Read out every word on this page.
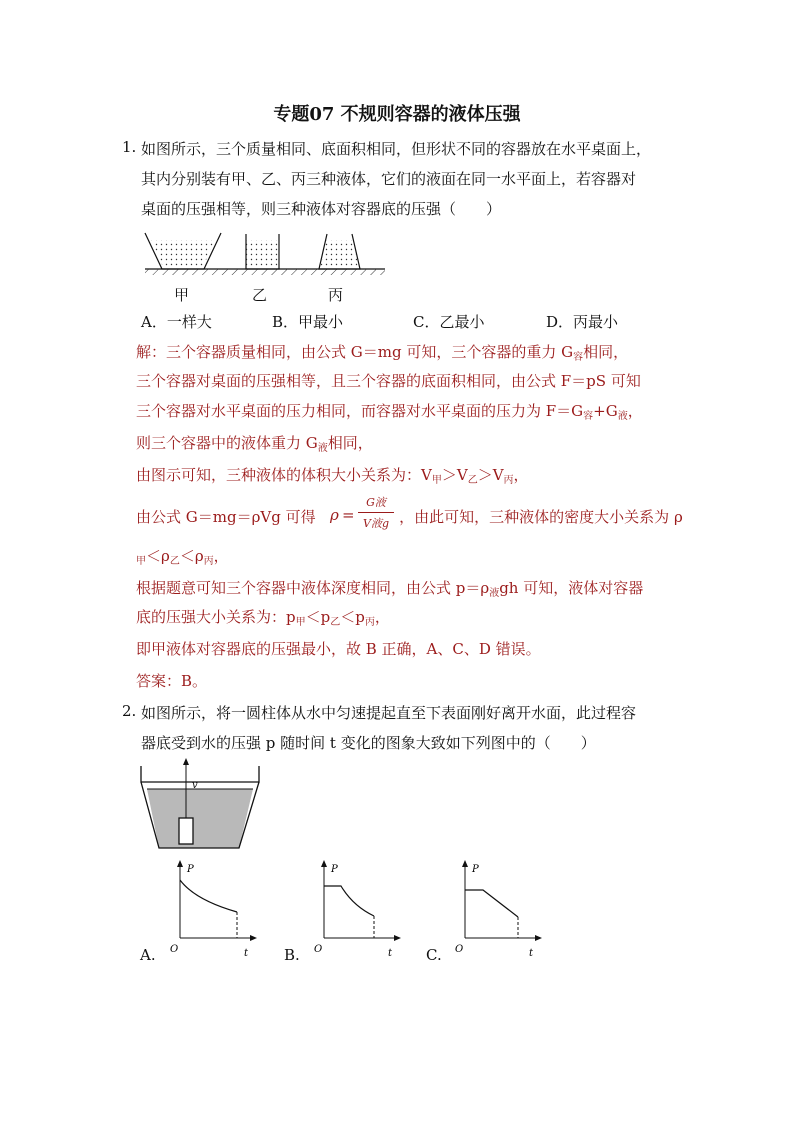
专题07 不规则容器的液体压强
1. 如图所示，三个质量相同、底面积相同，但形状不同的容器放在水平桌面上，
其内分别装有甲、乙、丙三种液体，它们的液面在同一水平面上，若容器对
桌面的压强相等，则三种液体对容器底的压强（　　）
甲	乙	丙
A．一样大	B．甲最小	C．乙最小	D．丙最小
解：三个容器质量相同，由公式 G＝mg 可知，三个容器的重力 $G_容$相同，
三个容器对桌面的压强相等，且三个容器的底面积相同，由公式 F＝pS 可知
三个容器对水平桌面的压力相同，而容器对水平桌面的压力为 $F=G_容+G_液$，
则三个容器中的液体重力 $G_液$相同，
由图示可知，三种液体的体积大小关系为：$V_甲>V_乙>V_丙$，
由公式 G＝mg＝ρVg 可得	，由此可知，三种液体的密度大小关系为 ρ
ρ =
G液
V液g
$_甲<\rho_乙<\rho_丙$，
根据题意可知三个容器中液体深度相同，由公式 $p=\rho_液gh$ 可知，液体对容器
底的压强大小关系为：$p_甲<p_乙<p_丙$，
即甲液体对容器底的压强最小，故 B 正确，A、C、D 错误。
答案：B。
2. 如图所示，将一圆柱体从水中匀速提起直至下表面刚好离开水面，此过程容
器底受到水的压强 p 随时间 t 变化的图象大致如下列图中的（　　）
v
A.	B.	C.
P
O	t
P
O	t
P
O	t
